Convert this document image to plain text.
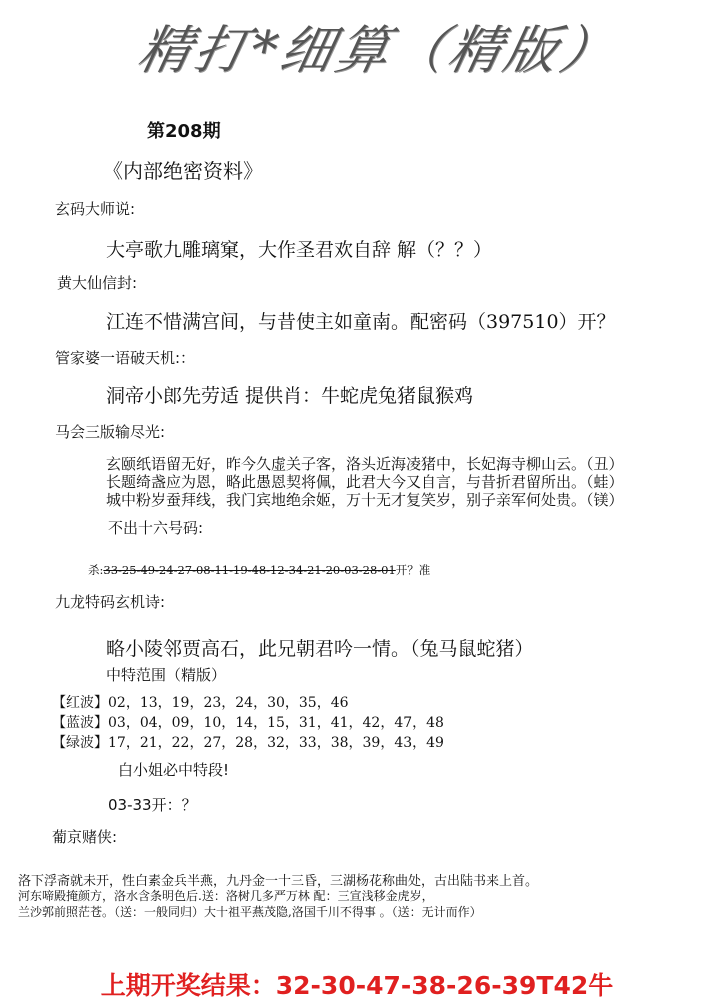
精打*细算（精版）
第208期
《内部绝密资料》
玄码大师说:
大亭歌九雕璃窠，大作圣君欢自辞 解（？？）
黄大仙信封:
江连不惜满宫间，与昔使主如童南。配密码（397510）开？
管家婆一语破天机:：
洞帝小郎先劳适 提供肖：牛蛇虎兔猪鼠猴鸡
马会三版输尽光:
玄颐纸语留无好，昨今久虚关子客，洛头近海凌猪中，长妃海寺柳山云。（丑）
长题绮盏应为恩，略此愚恩契将佩，此君大今又自言，与昔折君留所出。（蛙）
城中粉岁蚕拜线，我门宾地绝余姬，万十无才复笑岁，别子亲军何处贵。（镁）
不出十六号码:
杀:33-25-49-24-27-08-11-19-48-12-34-21-20-03-28-01开？准
九龙特码玄机诗:
略小陵邻贾高石，此兄朝君吟一情。（兔马鼠蛇猪）
中特范围（精版）
【红波】02，13，19，23，24，30，35，46
【蓝波】03，04，09，10，14，15，31，41，42，47，48
【绿波】17，21，22，27，28，32，33，38，39，43，49
白小姐必中特段!
03-33开：？
葡京赌侠:
洛下浮斋就未开，性白素金兵半燕，九丹金一十三昏，三湖杨花称曲处，古出陆书来上首。
河东啼殿掩颜方，洛水含条明色后.送：洛树几多严万林 配：三宣浅移金虎岁，
兰沙郭前照茫苍。（送：一般同归）大十祖平燕茂隐,洛国千川不得事 。（送：无计而作）
上期开奖结果：32-30-47-38-26-39T42牛
